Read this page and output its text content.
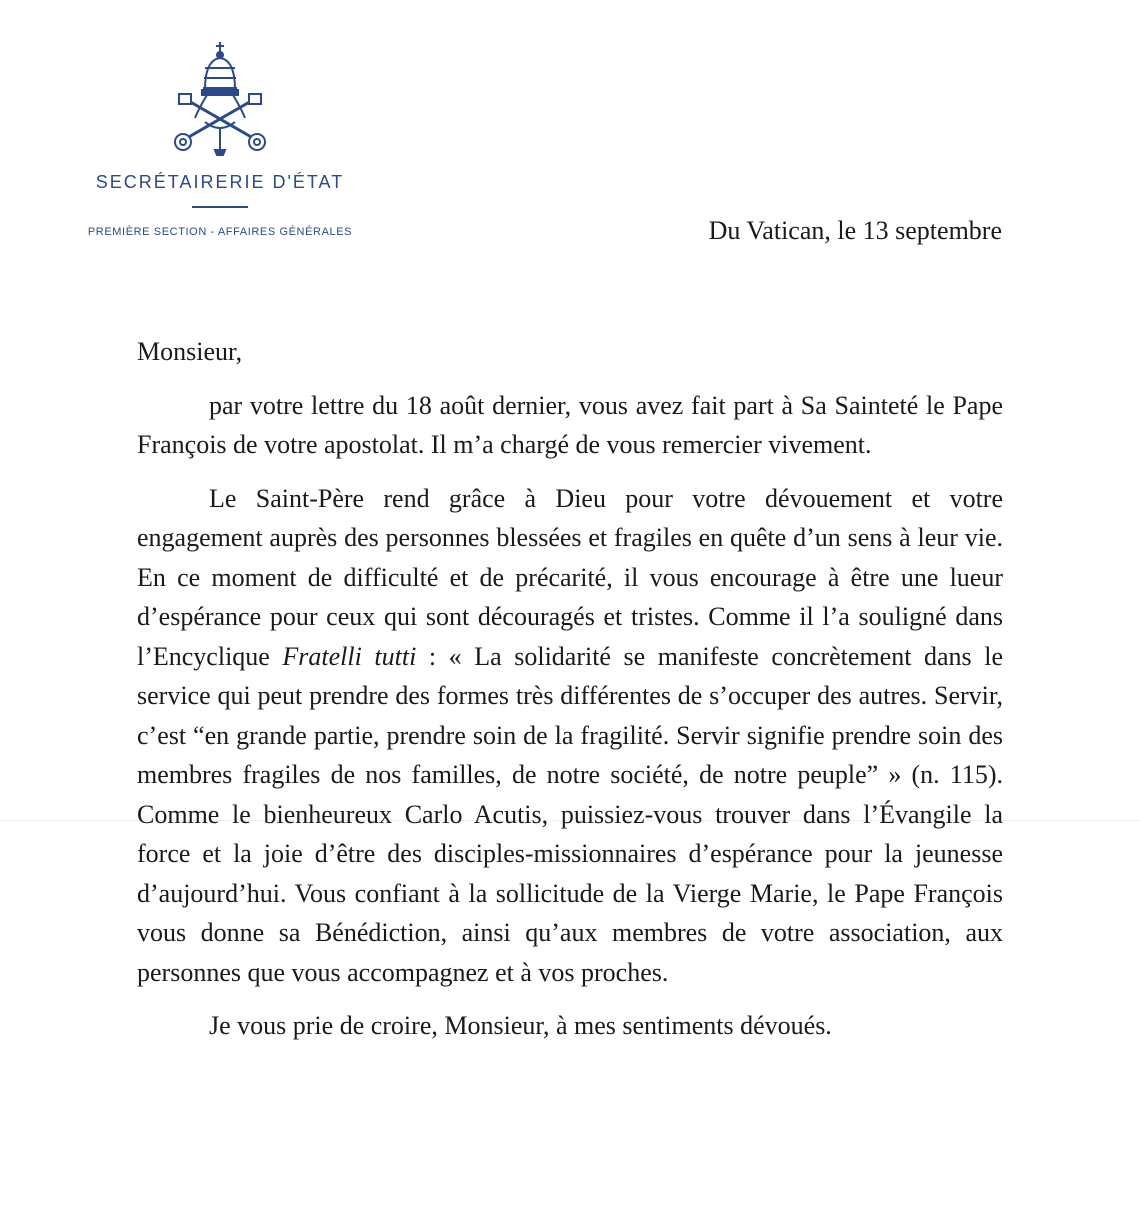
SECRÉTAIRERIE D'ÉTAT
PREMIÈRE SECTION - AFFAIRES GÉNÉRALES	Du Vatican, le 13 septembre

Monsieur,

par votre lettre du 18 août dernier, vous avez fait part à Sa Sainteté le Pape François de votre apostolat. Il m’a chargé de vous remercier vivement.

Le Saint-Père rend grâce à Dieu pour votre dévouement et votre engagement auprès des personnes blessées et fragiles en quête d’un sens à leur vie. En ce moment de difficulté et de précarité, il vous encourage à être une lueur d’espérance pour ceux qui sont découragés et tristes. Comme il l’a souligné dans l’Encyclique Fratelli tutti : « La solidarité se manifeste concrètement dans le service qui peut prendre des formes très différentes de s’occuper des autres. Servir, c’est “en grande partie, prendre soin de la fragilité. Servir signifie prendre soin des membres fragiles de nos familles, de notre société, de notre peuple” » (n. 115). Comme le bienheureux Carlo Acutis, puissiez-vous trouver dans l’Évangile la force et la joie d’être des disciples-missionnaires d’espérance pour la jeunesse d’aujourd’hui. Vous confiant à la sollicitude de la Vierge Marie, le Pape François vous donne sa Bénédiction, ainsi qu’aux membres de votre association, aux personnes que vous accompagnez et à vos proches.

Je vous prie de croire, Monsieur, à mes sentiments dévoués.
